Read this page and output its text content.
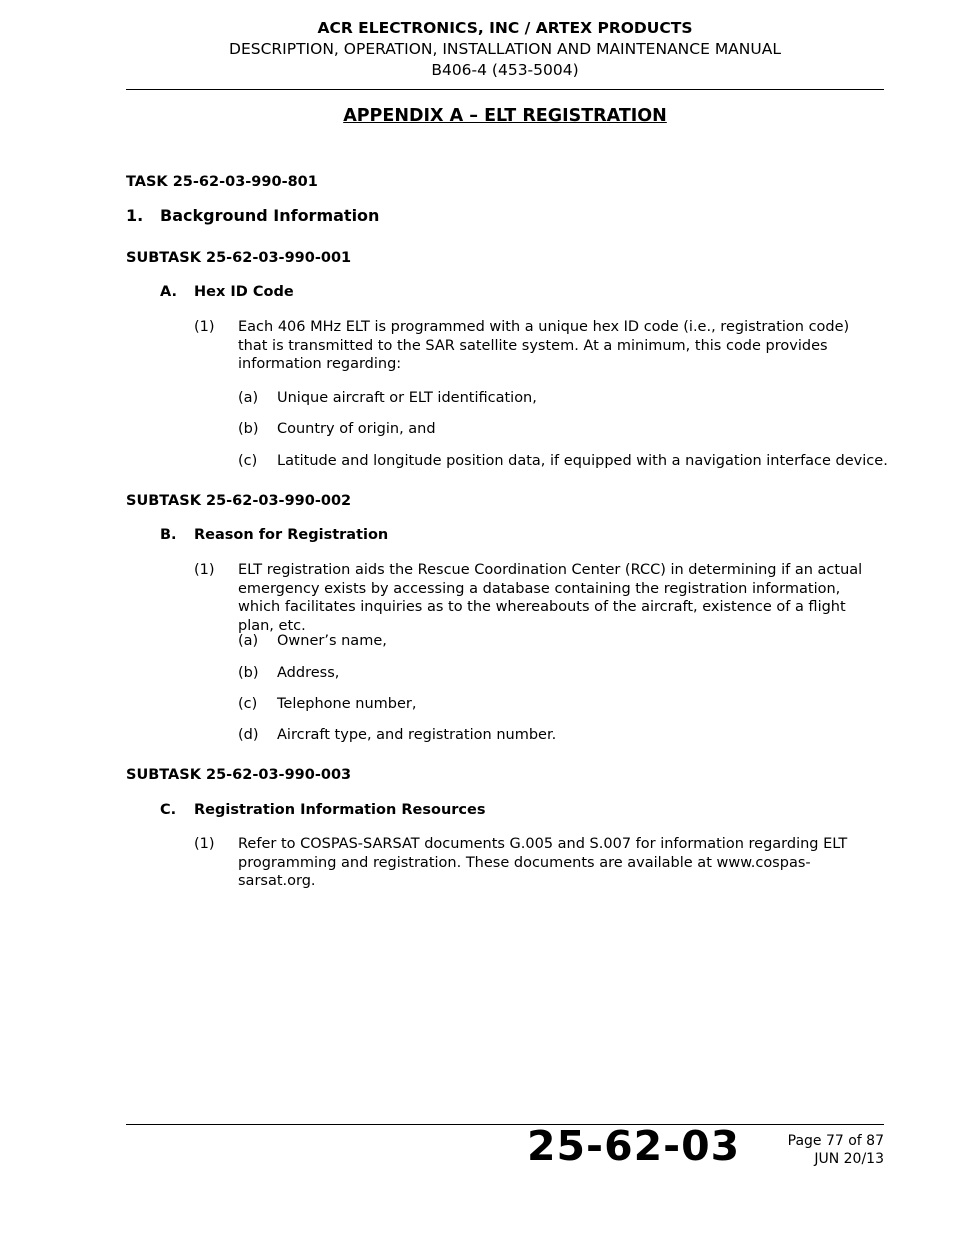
ACR ELECTRONICS, INC / ARTEX PRODUCTS
DESCRIPTION, OPERATION, INSTALLATION AND MAINTENANCE MANUAL
B406-4 (453-5004)
APPENDIX A – ELT REGISTRATION
TASK 25-62-03-990-801
1. Background Information
SUBTASK 25-62-03-990-001
A. Hex ID Code
(1) Each 406 MHz ELT is programmed with a unique hex ID code (i.e., registration code) that is transmitted to the SAR satellite system. At a minimum, this code provides information regarding:
(a) Unique aircraft or ELT identification,
(b) Country of origin, and
(c) Latitude and longitude position data, if equipped with a navigation interface device.
SUBTASK 25-62-03-990-002
B. Reason for Registration
(1) ELT registration aids the Rescue Coordination Center (RCC) in determining if an actual emergency exists by accessing a database containing the registration information, which facilitates inquiries as to the whereabouts of the aircraft, existence of a flight plan, etc.
(a) Owner’s name,
(b) Address,
(c) Telephone number,
(d) Aircraft type, and registration number.
SUBTASK 25-62-03-990-003
C. Registration Information Resources
(1) Refer to COSPAS-SARSAT documents G.005 and S.007 for information regarding ELT programming and registration. These documents are available at www.cospas-sarsat.org.
25-62-03	Page 77 of 87
JUN 20/13
